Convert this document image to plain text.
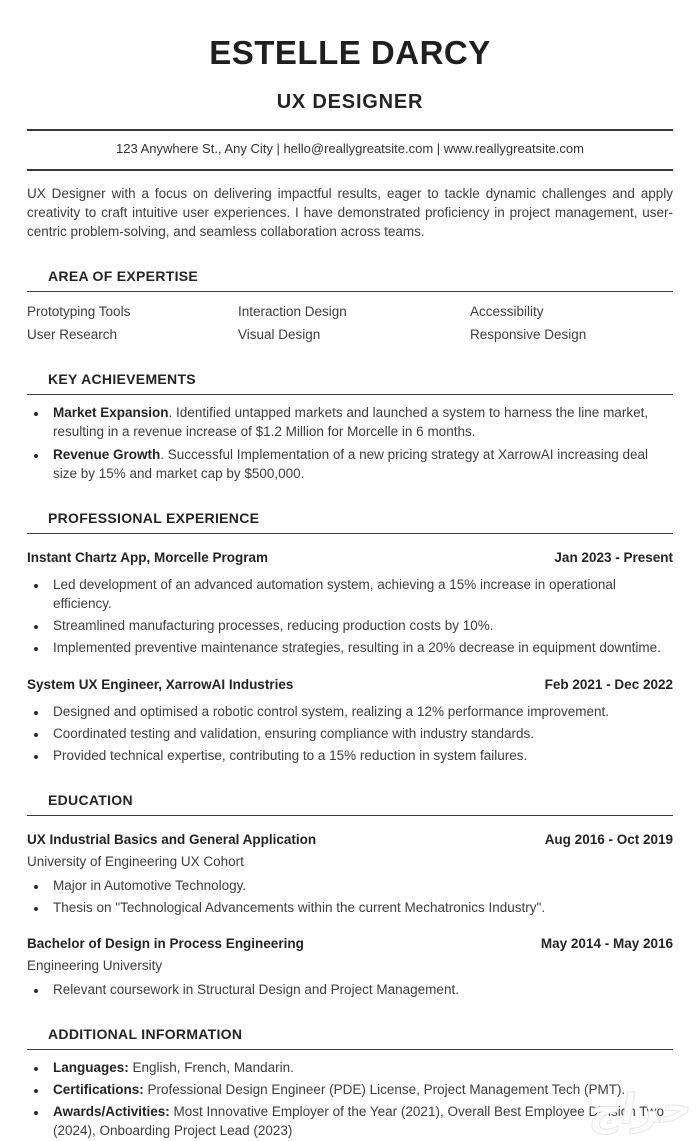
ESTELLE DARCY
UX DESIGNER
123 Anywhere St., Any City | hello@reallygreatsite.com | www.reallygreatsite.com

UX Designer with a focus on delivering impactful results, eager to tackle dynamic challenges and apply creativity to craft intuitive user experiences. I have demonstrated proficiency in project management, user-centric problem-solving, and seamless collaboration across teams.

AREA OF EXPERTISE
Prototyping Tools	Interaction Design	Accessibility
User Research	Visual Design	Responsive Design
KEY ACHIEVEMENTS
• Market Expansion. Identified untapped markets and launched a system to harness the line market, resulting in a revenue increase of $1.2 Million for Morcelle in 6 months.
• Revenue Growth. Successful Implementation of a new pricing strategy at XarrowAI increasing deal size by 15% and market cap by $500,000.
PROFESSIONAL EXPERIENCE
Instant Chartz App, Morcelle Program	Jan 2023 - Present
• Led development of an advanced automation system, achieving a 15% increase in operational efficiency.
• Streamlined manufacturing processes, reducing production costs by 10%.
• Implemented preventive maintenance strategies, resulting in a 20% decrease in equipment downtime.
System UX Engineer, XarrowAI Industries	Feb 2021 - Dec 2022
• Designed and optimised a robotic control system, realizing a 12% performance improvement.
• Coordinated testing and validation, ensuring compliance with industry standards.
• Provided technical expertise, contributing to a 15% reduction in system failures.
EDUCATION
UX Industrial Basics and General Application	Aug 2016 - Oct 2019
University of Engineering UX Cohort
• Major in Automotive Technology.
• Thesis on "Technological Advancements within the current Mechatronics Industry".
Bachelor of Design in Process Engineering	May 2014 - May 2016
Engineering University
• Relevant coursework in Structural Design and Project Management.
ADDITIONAL INFORMATION
• Languages: English, French, Mandarin.
• Certifications: Professional Design Engineer (PDE) License, Project Management Tech (PMT).
• Awards/Activities: Most Innovative Employer of the Year (2021), Overall Best Employee Division Two (2024), Onboarding Project Lead (2023)	حراج
